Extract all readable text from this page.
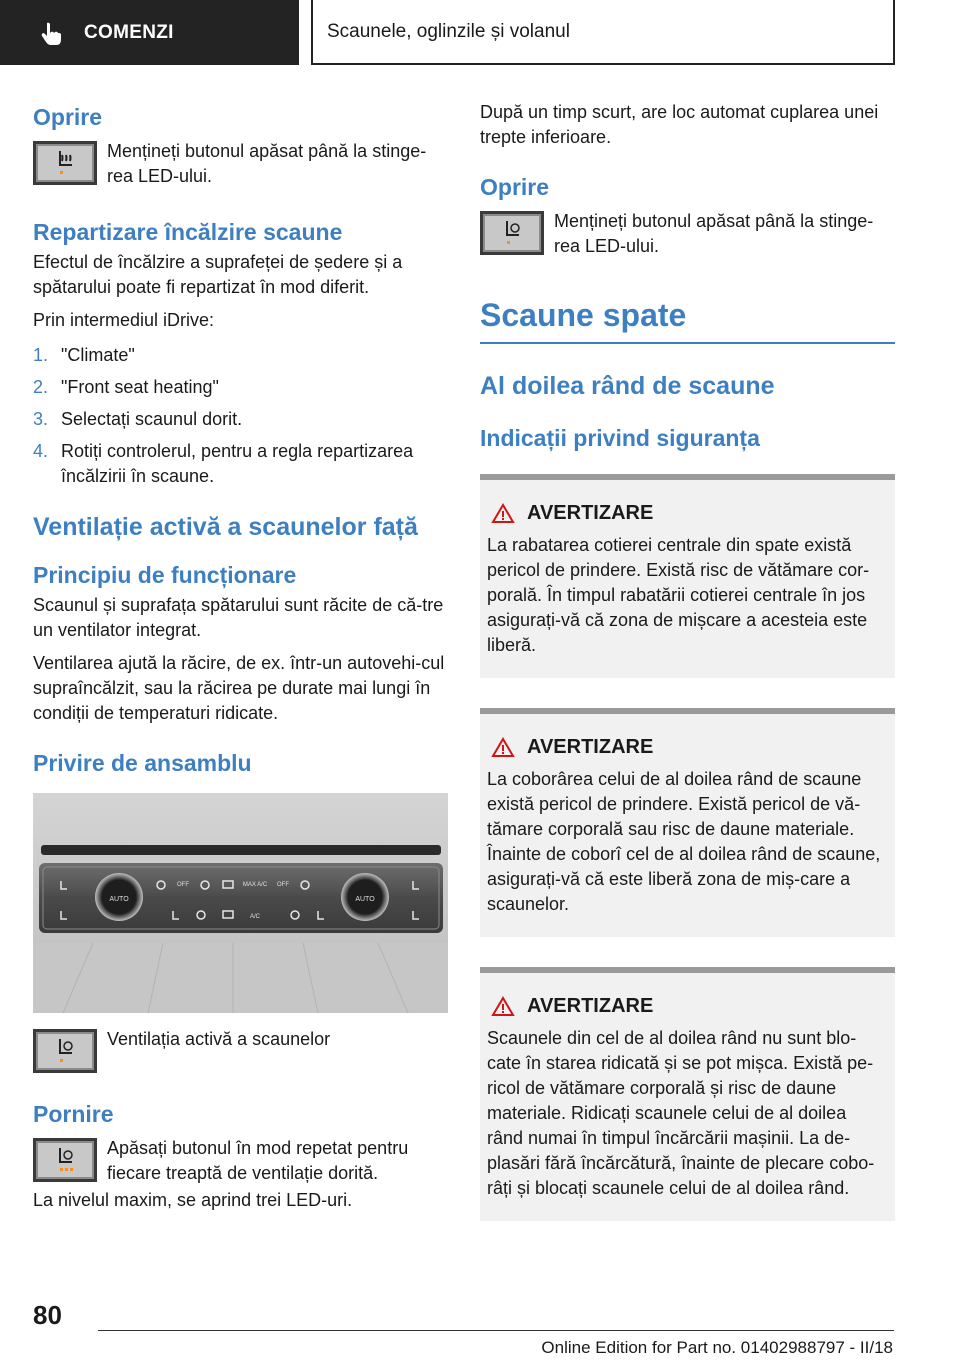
COMENZI	Scaunele, oglinzile și volanul
Oprire

Mențineți butonul apăsat până la stinge-rea LED-ului.

Repartizare încălzire scaune

Efectul de încălzire a suprafeței de ședere și a spătarului poate fi repartizat în mod diferit.

Prin intermediul iDrive:

1. "Climate"
2. "Front seat heating"
3. Selectați scaunul dorit.
4. Rotiți controlerul, pentru a regla repartizarea încălzirii în scaune.
Ventilație activă a scaunelor față
Principiu de funcționare

Scaunul și suprafața spătarului sunt răcite de că-tre un ventilator integrat.

Ventilarea ajută la răcire, de ex. într-un autovehi-cul supraîncălzit, sau la răcirea pe durate mai lungi în condiții de temperaturi ridicate.

Privire de ansamblu
AUTO	AUTO
OFF	MAX A/C OFF
A/C

Ventilația activă a scaunelor

Pornire

Apăsați butonul în mod repetat pentru fiecare treaptă de ventilație dorită.

La nivelul maxim, se aprind trei LED-uri.

După un timp scurt, are loc automat cuplarea unei trepte inferioare.

Oprire

Mențineți butonul apăsat până la stinge-rea LED-ului.

Scaune spate
Al doilea rând de scaune
Indicații privind siguranța
AVERTIZARE

La rabatarea cotierei centrale din spate există pericol de prindere. Există risc de vătămare cor-porală. În timpul rabatării cotierei centrale în jos asigurați-vă că zona de mișcare a acesteia este liberă.

AVERTIZARE

La coborârea celui de al doilea rând de scaune există pericol de prindere. Există pericol de vă-tămare corporală sau risc de daune materiale. Înainte de coborî cel de al doilea rând de scaune, asigurați-vă că este liberă zona de miș-care a scaunelor.

AVERTIZARE

Scaunele din cel de al doilea rând nu sunt blo-cate în starea ridicată și se pot mișca. Există pe-ricol de vătămare corporală și risc de daune materiale. Ridicați scaunele celui de al doilea rând numai în timpul încărcării mașinii. La de-plasări fără încărcătură, înainte de plecare cobo-râți și blocați scaunele celui de al doilea rând.

80
Online Edition for Part no. 01402988797 - II/18
